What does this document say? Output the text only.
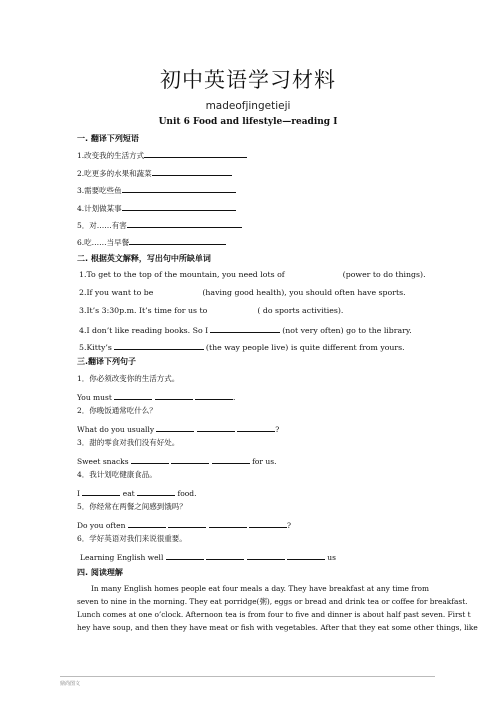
初中英语学习材料
madeofjingetieji
Unit 6 Food and lifestyle—reading Ⅰ
一. 翻译下列短语
1.改变我的生活方式
2.吃更多的水果和蔬菜
3.需要吃些鱼
4.计划做某事
5．对……有害
6.吃……当早餐
二. 根据英文解释，写出句中所缺单词
1.To get to the top of the mountain, you need lots of	(power to do things).
2.If you want to be	(having good health), you should often have sports.
3.It’s 3:30p.m. It’s time for us to	( do sports activities).
4.I don’t like reading books. So I	(not very often) go to the library.
5.Kitty’s	(the way people live) is quite different from yours.
三.翻译下列句子
1．你必须改变你的生活方式。
You must	.
2．你晚饭通常吃什么？
What do you usually	?
3．甜的零食对我们没有好处。
Sweet snacks	for us.
4．我计划吃健康食品。
I	eat	food.
5．你经常在两餐之间感到饿吗？
Do you often	?
6．学好英语对我们来说很重要。
Learning English well	us
四. 阅读理解
In many English homes people eat four meals a day. They have breakfast at any time from
seven to nine in the morning. They eat porridge(粥), eggs or bread and drink tea or coffee for breakfast.
Lunch comes at one o’clock. Afternoon tea is from four to five and dinner is about half past seven. First t
hey have soup, and then they have meat or fish with vegetables. After that they eat some other things, like
鼎尚图文
